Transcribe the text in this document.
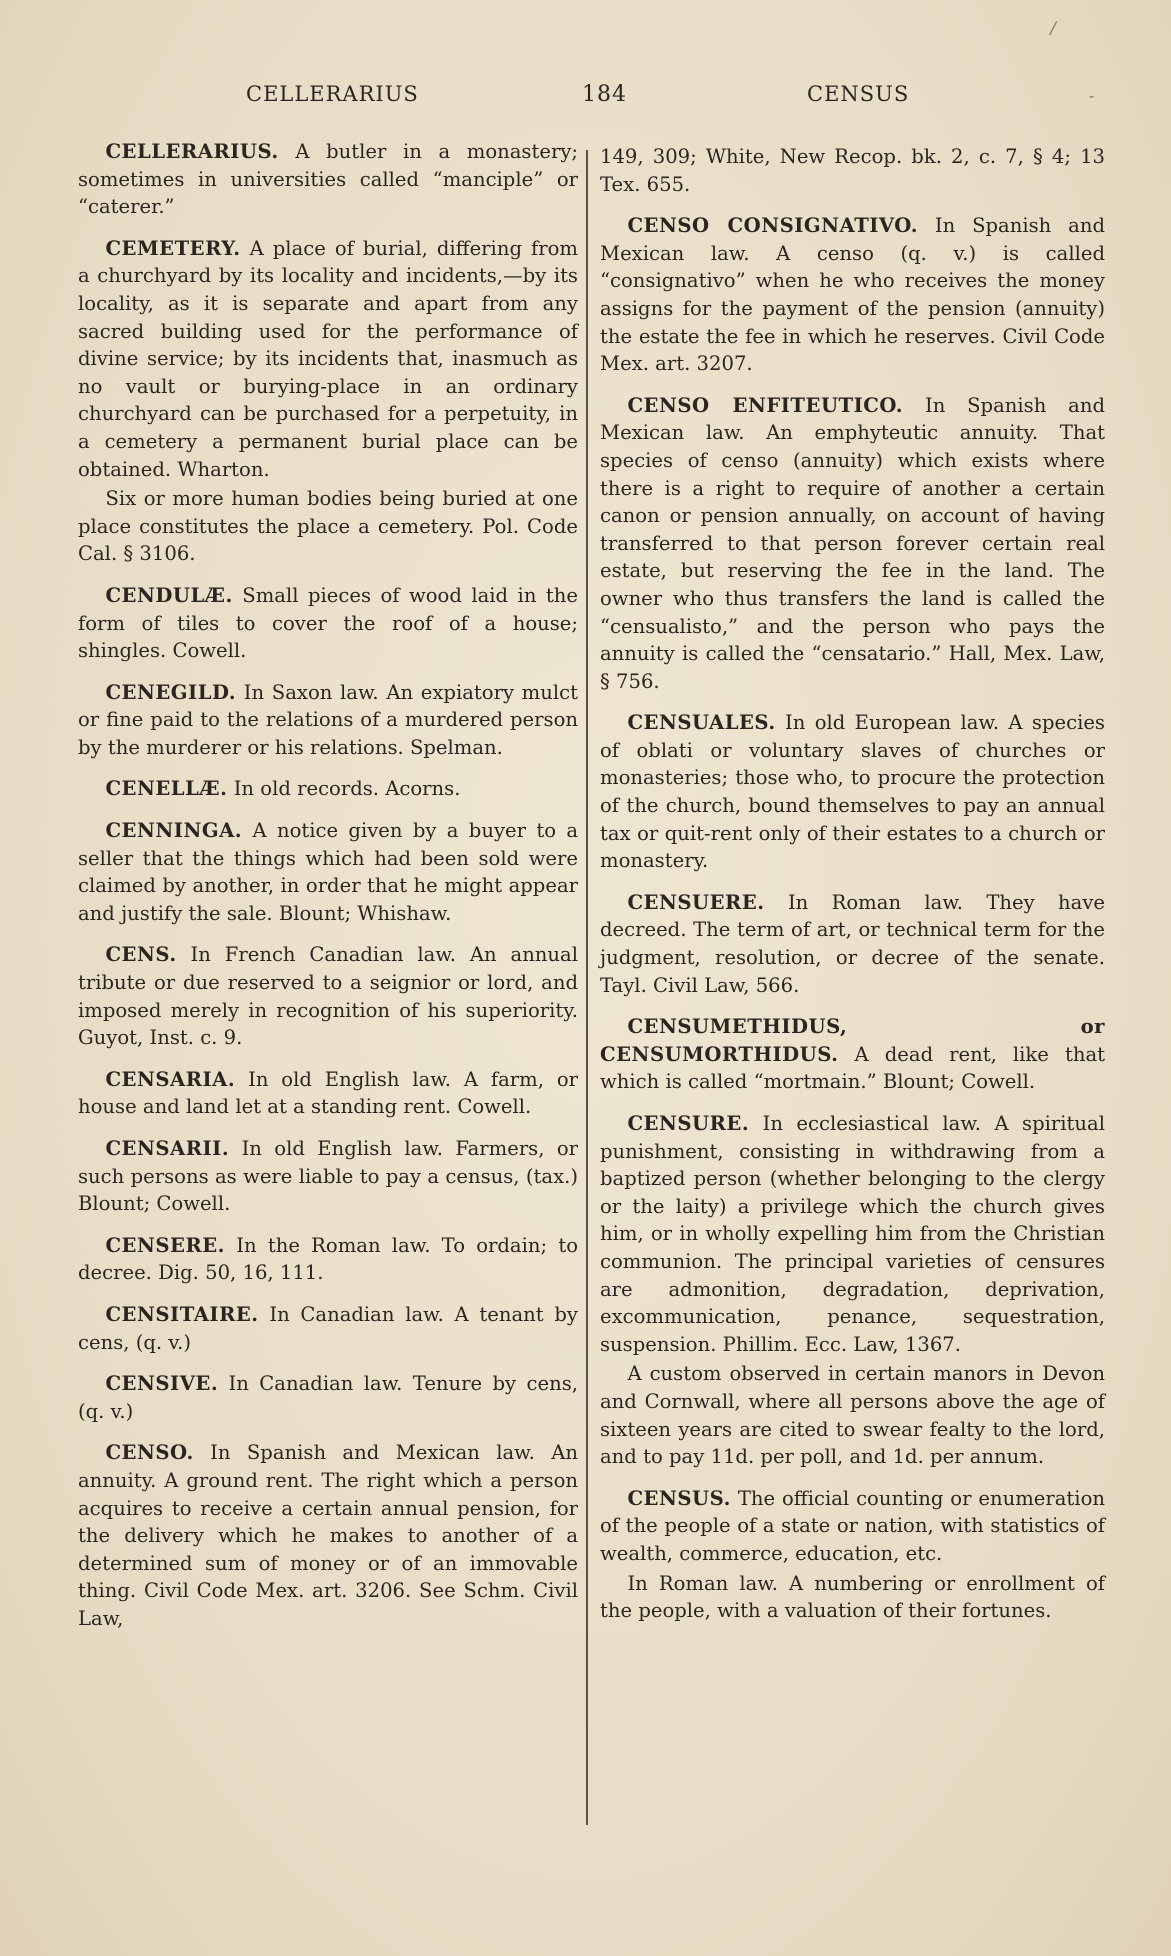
/
CELLERARIUS	184	CENSUS	-

CELLERARIUS. A butler in a monastery; sometimes in universities called “manciple” or “caterer.”

CEMETERY. A place of burial, differing from a churchyard by its locality and incidents,—by its locality, as it is separate and apart from any sacred building used for the performance of divine service; by its incidents that, inasmuch as no vault or burying-place in an ordinary churchyard can be purchased for a perpetuity, in a cemetery a permanent burial place can be obtained. Wharton.

Six or more human bodies being buried at one place constitutes the place a cemetery. Pol. Code Cal. § 3106.

CENDULÆ. Small pieces of wood laid in the form of tiles to cover the roof of a house; shingles. Cowell.

CENEGILD. In Saxon law. An expiatory mulct or fine paid to the relations of a murdered person by the murderer or his relations. Spelman.

CENELLÆ. In old records. Acorns.

CENNINGA. A notice given by a buyer to a seller that the things which had been sold were claimed by another, in order that he might appear and justify the sale. Blount; Whishaw.

CENS. In French Canadian law. An annual tribute or due reserved to a seignior or lord, and imposed merely in recognition of his superiority. Guyot, Inst. c. 9.

CENSARIA. In old English law. A farm, or house and land let at a standing rent. Cowell.

CENSARII. In old English law. Farmers, or such persons as were liable to pay a census, (tax.) Blount; Cowell.

CENSERE. In the Roman law. To ordain; to decree. Dig. 50, 16, 111.

CENSITAIRE. In Canadian law. A tenant by cens, (q. v.)

CENSIVE. In Canadian law. Tenure by cens, (q. v.)

CENSO. In Spanish and Mexican law. An annuity. A ground rent. The right which a person acquires to receive a certain annual pension, for the delivery which he makes to another of a determined sum of money or of an immovable thing. Civil Code Mex. art. 3206. See Schm. Civil Law,

149, 309; White, New Recop. bk. 2, c. 7, § 4; 13 Tex. 655.

CENSO CONSIGNATIVO. In Spanish and Mexican law. A censo (q. v.) is called “consignativo” when he who receives the money assigns for the payment of the pension (annuity) the estate the fee in which he reserves. Civil Code Mex. art. 3207.

CENSO ENFITEUTICO. In Spanish and Mexican law. An emphyteutic annuity. That species of censo (annuity) which exists where there is a right to require of another a certain canon or pension annually, on account of having transferred to that person forever certain real estate, but reserving the fee in the land. The owner who thus transfers the land is called the “censualisto,” and the person who pays the annuity is called the “censatario.” Hall, Mex. Law, § 756.

CENSUALES. In old European law. A species of oblati or voluntary slaves of churches or monasteries; those who, to procure the protection of the church, bound themselves to pay an annual tax or quit-rent only of their estates to a church or monastery.

CENSUERE. In Roman law. They have decreed. The term of art, or technical term for the judgment, resolution, or decree of the senate. Tayl. Civil Law, 566.

CENSUMETHIDUS, or CENSUMORTHIDUS. A dead rent, like that which is called “mortmain.” Blount; Cowell.

CENSURE. In ecclesiastical law. A spiritual punishment, consisting in withdrawing from a baptized person (whether belonging to the clergy or the laity) a privilege which the church gives him, or in wholly expelling him from the Christian communion. The principal varieties of censures are admonition, degradation, deprivation, excommunication, penance, sequestration, suspension. Phillim. Ecc. Law, 1367.

A custom observed in certain manors in Devon and Cornwall, where all persons above the age of sixteen years are cited to swear fealty to the lord, and to pay 11d. per poll, and 1d. per annum.

CENSUS. The official counting or enumeration of the people of a state or nation, with statistics of wealth, commerce, education, etc.

In Roman law. A numbering or enrollment of the people, with a valuation of their fortunes.
